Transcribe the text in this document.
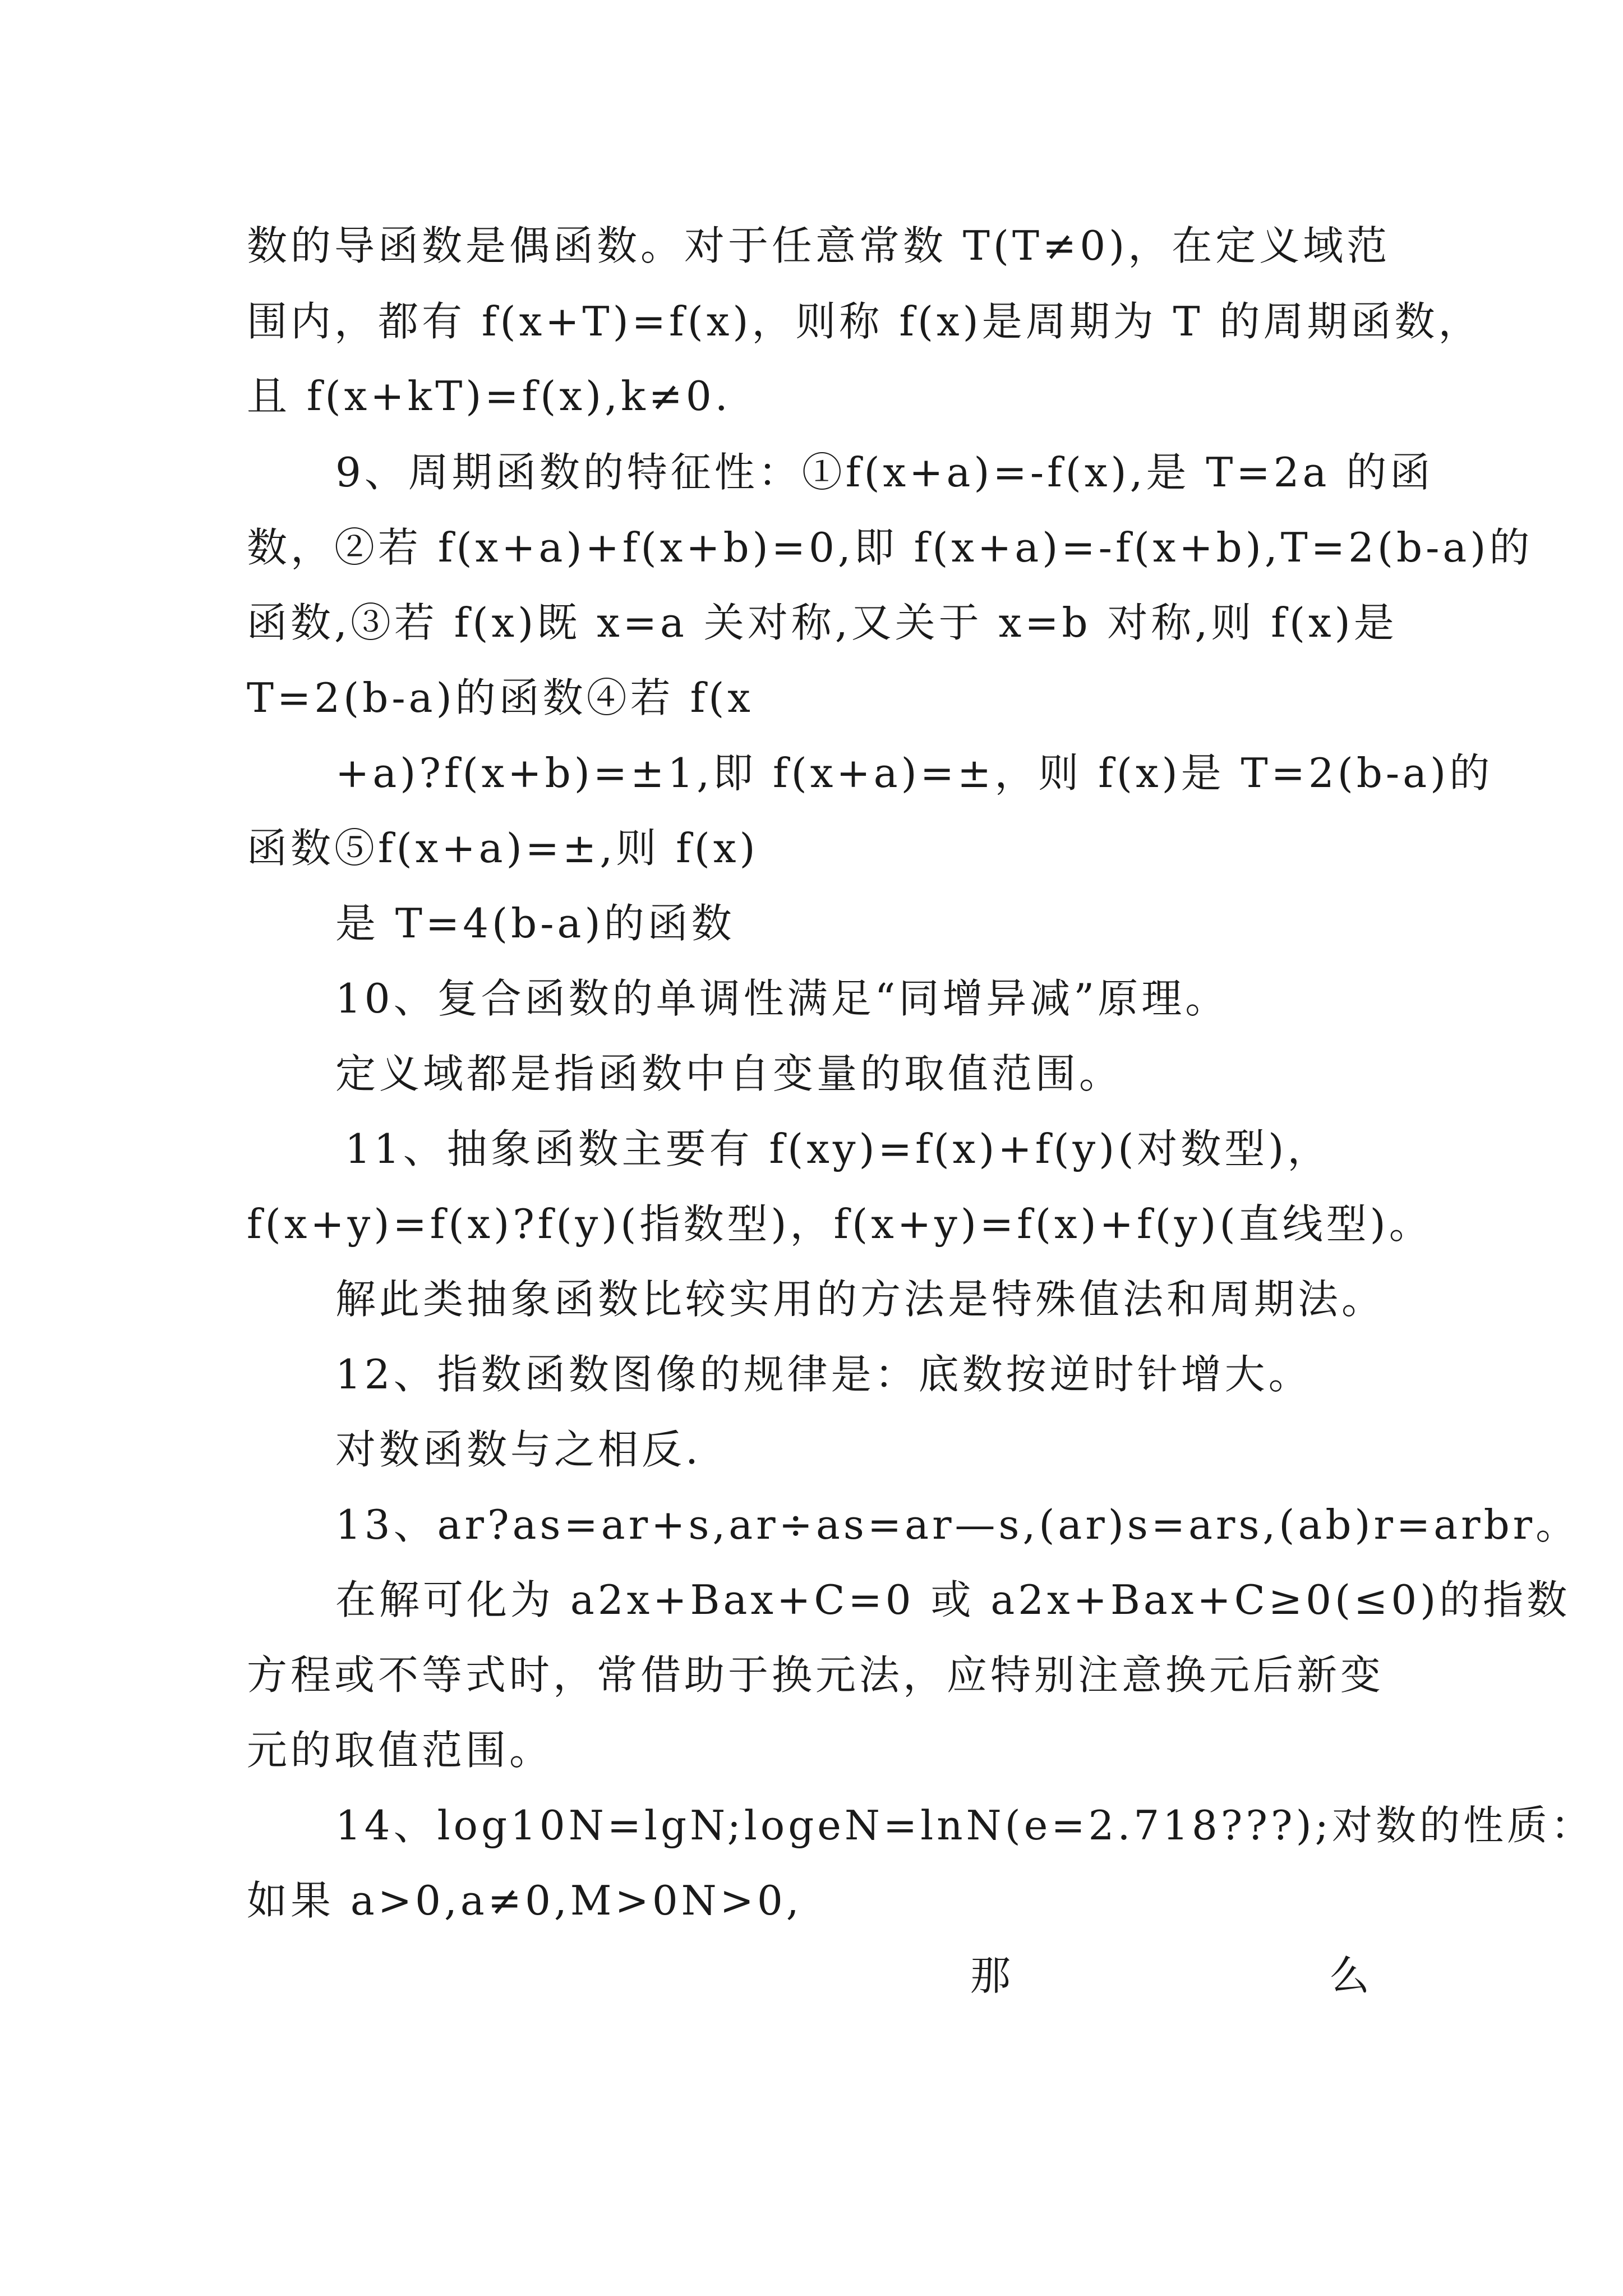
数的导函数是偶函数。对于任意常数 T(T≠0)，在定义域范
围内，都有 f(x+T)=f(x)，则称 f(x)是周期为 T 的周期函数，
且 f(x+kT)=f(x),k≠0.
9、周期函数的特征性：①f(x+a)=-f(x),是 T=2a 的函
数，②若 f(x+a)+f(x+b)=0,即 f(x+a)=-f(x+b),T=2(b-a)的
函数,③若 f(x)既 x=a 关对称,又关于 x=b 对称,则 f(x)是
T=2(b-a)的函数④若 f(x
+a)?f(x+b)=±1,即 f(x+a)=±，则 f(x)是 T=2(b-a)的
函数⑤f(x+a)=±,则 f(x)
是 T=4(b-a)的函数
10、复合函数的单调性满足“同增异减”原理。
定义域都是指函数中自变量的取值范围。
11、抽象函数主要有 f(xy)=f(x)+f(y)(对数型)，
f(x+y)=f(x)?f(y)(指数型)，f(x+y)=f(x)+f(y)(直线型)。
解此类抽象函数比较实用的方法是特殊值法和周期法。
12、指数函数图像的规律是：底数按逆时针增大。
对数函数与之相反.
13、ar?as=ar+s,ar÷as=ar—s,(ar)s=ars,(ab)r=arbr。
在解可化为 a2x+Bax+C=0 或 a2x+Bax+C≥0(≤0)的指数
方程或不等式时，常借助于换元法，应特别注意换元后新变
元的取值范围。
14、log10N=lgN;logeN=lnN(e=2.718???);对数的性质：
如果 a>0,a≠0,M>0N>0,
那	么
